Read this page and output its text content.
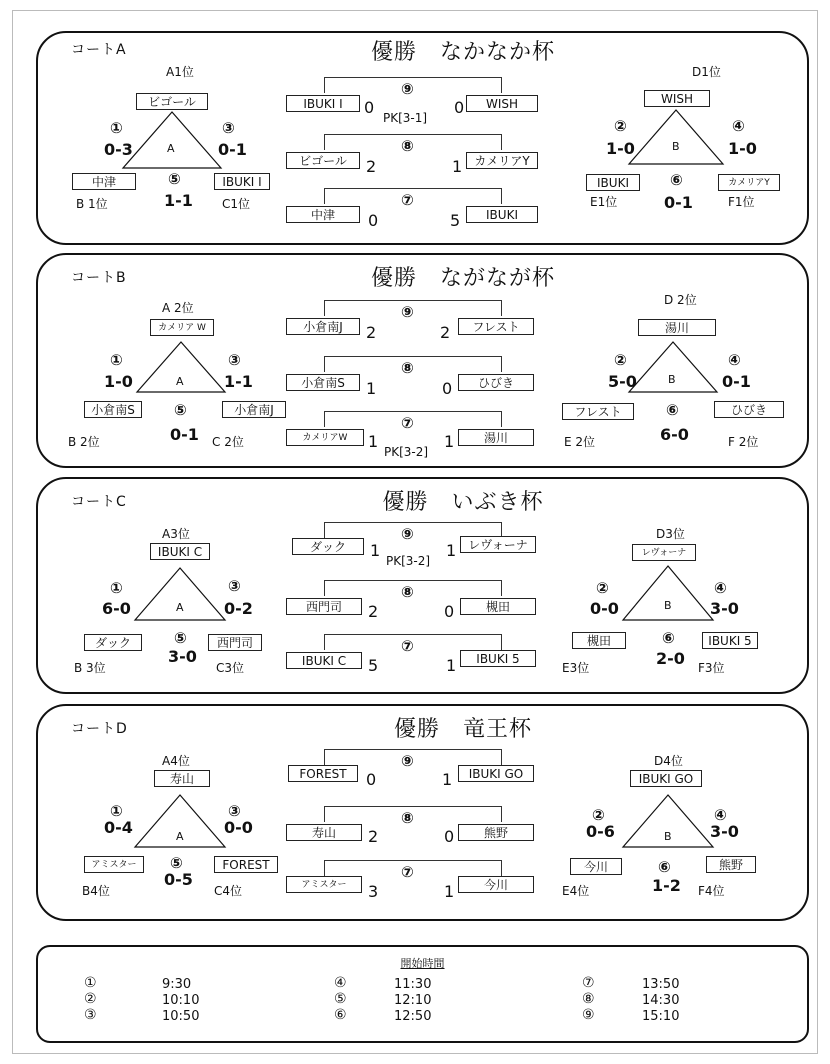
コートA	優勝　なかなか杯
A1位
ビゴール
A
①
0-3
③
0-1
中津
B 1位
⑤
1-1
IBUKI I
C1位
⑨
IBUKI I	0	0	WISH
PK[3-1]
⑧
ビゴール	2	1	カメリアY
⑦
中津	0	5	IBUKI
D1位
WISH
B
②
1-0
④
1-0
IBUKI
E1位
⑥
0-1
カメリアY
F1位
コートB	優勝　ながなが杯
A 2位
カメリア W
A
①
1-0
③
1-1
小倉南S
B 2位
⑤
0-1
小倉南J
C 2位
⑨
小倉南J	2	2	フレスト
⑧
小倉南S	1	0	ひびき
⑦
カメリアW	1	1	湯川
PK[3-2]
D 2位
湯川
B
②
5-0
④
0-1
フレスト
E 2位
⑥
6-0
ひびき
F 2位
コートC	優勝　いぶき杯
A3位
IBUKI C
A
①
6-0
③
0-2
ダック
B 3位
⑤
3-0
西門司
C3位
⑨
ダック	1	1	レヴォーナ
PK[3-2]
⑧
西門司	2	0	槻田
⑦
IBUKI C	5	1	IBUKI 5
D3位
レヴォーナ
B
②
0-0
④
3-0
槻田
E3位
⑥
2-0
IBUKI 5
F3位
コートD	優勝　竜王杯
A4位
寿山
A
①
0-4
③
0-0
アミスター
B4位
⑤
0-5
FOREST
C4位
⑨
FOREST	0	1	IBUKI GO
⑧
寿山	2	0	熊野
⑦
アミスター	3	1	今川
D4位
IBUKI GO
B
②
0-6
④
3-0
今川
E4位
⑥
1-2
熊野
F4位
開始時間
①	9:30
②	10:10
③	10:50
④	11:30
⑤	12:10
⑥	12:50
⑦	13:50
⑧	14:30
⑨	15:10
